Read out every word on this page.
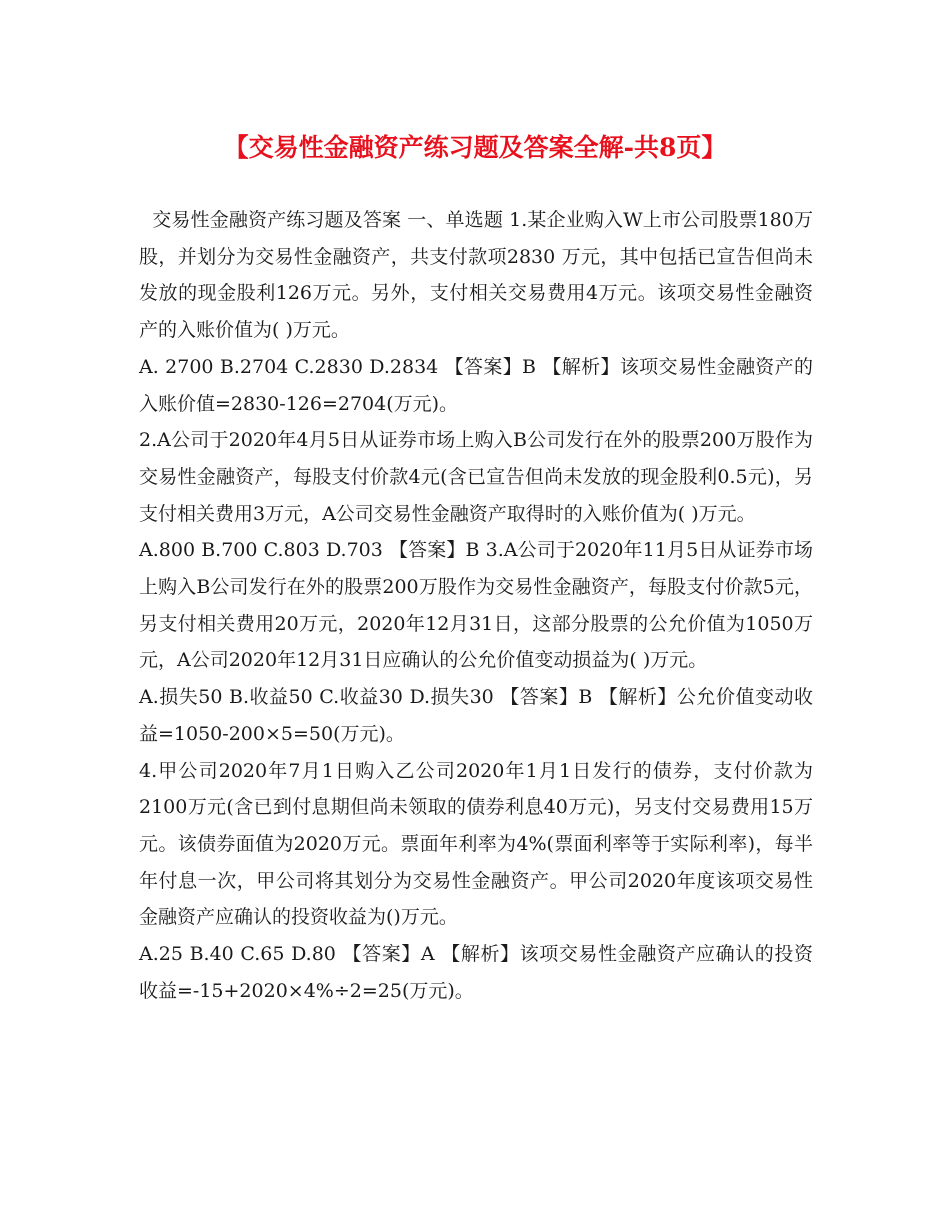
【交易性金融资产练习题及答案全解-共8页】

交易性金融资产练习题及答案 一、单选题 1.某企业购入W上市公司股票180万股，并划分为交易性金融资产，共支付款项2830 万元，其中包括已宣告但尚未发放的现金股利126万元。另外，支付相关交易费用4万元。该项交易性金融资产的入账价值为( )万元。

A. 2700 B.2704 C.2830 D.2834 【答案】B 【解析】该项交易性金融资产的入账价值=2830-126=2704(万元)。

2.A公司于2020年4月5日从证券市场上购入B公司发行在外的股票200万股作为交易性金融资产，每股支付价款4元(含已宣告但尚未发放的现金股利0.5元)，另支付相关费用3万元，A公司交易性金融资产取得时的入账价值为( )万元。

A.800 B.700 C.803 D.703 【答案】B 3.A公司于2020年11月5日从证券市场上购入B公司发行在外的股票200万股作为交易性金融资产，每股支付价款5元，另支付相关费用20万元，2020年12月31日，这部分股票的公允价值为1050万元，A公司2020年12月31日应确认的公允价值变动损益为( )万元。

A.损失50 B.收益50 C.收益30 D.损失30 【答案】B 【解析】公允价值变动收益=1050-200×5=50(万元)。

4.甲公司2020年7月1日购入乙公司2020年1月1日发行的债券，支付价款为2100万元(含已到付息期但尚未领取的债券利息40万元)，另支付交易费用15万元。该债券面值为2020万元。票面年利率为4%(票面利率等于实际利率)，每半年付息一次，甲公司将其划分为交易性金融资产。甲公司2020年度该项交易性金融资产应确认的投资收益为()万元。

A.25 B.40 C.65 D.80 【答案】A 【解析】该项交易性金融资产应确认的投资收益=-15+2020×4%÷2=25(万元)。
